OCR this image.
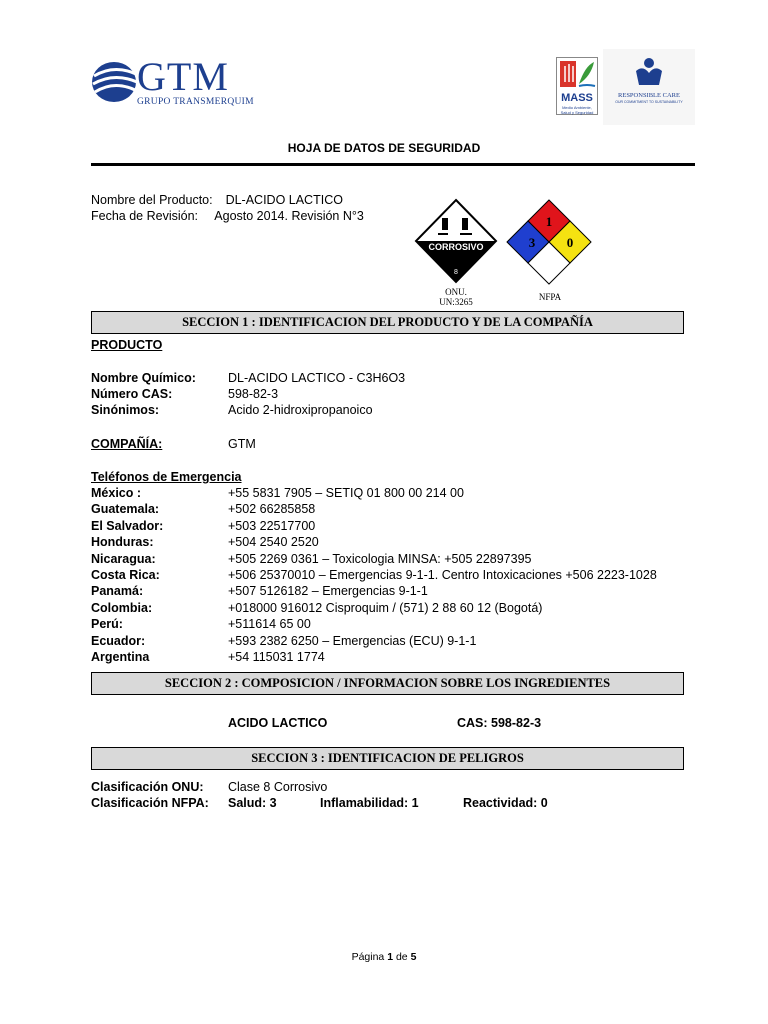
GTM
GRUPO TRANSMERQUIM	MASS
Medio Ambiente, Salud y Seguridad
RESPONSIBLE CARE
OUR COMMITMENT TO SUSTAINABILITY
HOJA DE DATOS DE SEGURIDAD
Nombre del Producto: DL-ACIDO LACTICO
Fecha de Revisión: Agosto 2014. Revisión N°3
CORROSIVO
8
ONU.
UN:3265
1
3 0
NFPA
SECCION 1 : IDENTIFICACION DEL PRODUCTO Y DE LA COMPAÑÍA
PRODUCTO
Nombre Químico:	DL-ACIDO LACTICO - C3H6O3
Número CAS:	598-82-3
Sinónimos:	Acido 2-hidroxipropanoico
COMPAÑÍA:	GTM
Teléfonos de Emergencia
México :	+55 5831 7905 – SETIQ 01 800 00 214 00
Guatemala:	+502 66285858
El Salvador:	+503 22517700
Honduras:	+504 2540 2520
Nicaragua:	+505 2269 0361 – Toxicologia MINSA: +505 22897395
Costa Rica:	+506 25370010 – Emergencias 9-1-1. Centro Intoxicaciones +506 2223-1028
Panamá:	+507 5126182 – Emergencias 9-1-1
Colombia:	+018000 916012 Cisproquim / (571) 2 88 60 12 (Bogotá)
Perú:	+511614 65 00
Ecuador:	+593 2382 6250 – Emergencias (ECU) 9-1-1
Argentina	+54 115031 1774
SECCION 2 : COMPOSICION / INFORMACION SOBRE LOS INGREDIENTES
ACIDO LACTICO	CAS: 598-82-3
SECCION 3 : IDENTIFICACION DE PELIGROS
Clasificación ONU: Clase 8 Corrosivo
Clasificación NFPA: Salud: 3	Inflamabilidad: 1	Reactividad: 0
Página 1 de 5
